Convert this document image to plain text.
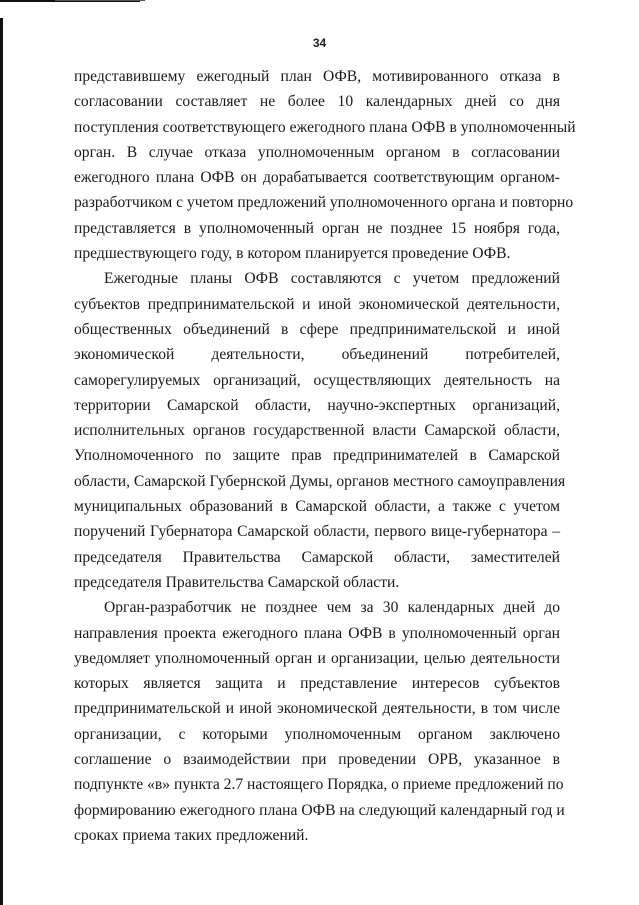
34

представившему ежегодный план ОФВ, мотивированного отказа в
согласовании составляет не более 10 календарных дней со дня
поступления соответствующего ежегодного плана ОФВ в уполномоченный
орган. В случае отказа уполномоченным органом в согласовании
ежегодного плана ОФВ он дорабатывается соответствующим органом-
разработчиком с учетом предложений уполномоченного органа и повторно
представляется в уполномоченный орган не позднее 15 ноября года,
предшествующего году, в котором планируется проведение ОФВ.

Ежегодные планы ОФВ составляются с учетом предложений
субъектов предпринимательской и иной экономической деятельности,
общественных объединений в сфере предпринимательской и иной
экономической деятельности, объединений потребителей,
саморегулируемых организаций, осуществляющих деятельность на
территории Самарской области, научно-экспертных организаций,
исполнительных органов государственной власти Самарской области,
Уполномоченного по защите прав предпринимателей в Самарской
области, Самарской Губернской Думы, органов местного самоуправления
муниципальных образований в Самарской области, а также с учетом
поручений Губернатора Самарской области, первого вице-губернатора –
председателя Правительства Самарской области, заместителей
председателя Правительства Самарской области.

Орган-разработчик не позднее чем за 30 календарных дней до
направления проекта ежегодного плана ОФВ в уполномоченный орган
уведомляет уполномоченный орган и организации, целью деятельности
которых является защита и представление интересов субъектов
предпринимательской и иной экономической деятельности, в том числе
организации, с которыми уполномоченным органом заключено
соглашение о взаимодействии при проведении ОРВ, указанное в
подпункте «в» пункта 2.7 настоящего Порядка, о приеме предложений по
формированию ежегодного плана ОФВ на следующий календарный год и
сроках приема таких предложений.
